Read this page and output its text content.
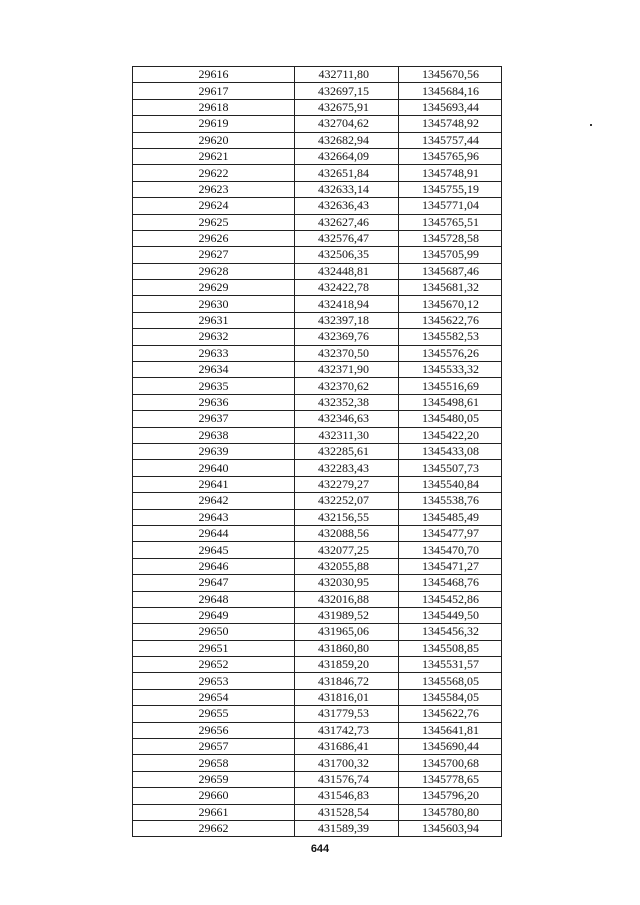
29616	432711,80	1345670,56
29617	432697,15	1345684,16
29618	432675,91	1345693,44
29619	432704,62	1345748,92
29620	432682,94	1345757,44
29621	432664,09	1345765,96
29622	432651,84	1345748,91
29623	432633,14	1345755,19
29624	432636,43	1345771,04
29625	432627,46	1345765,51
29626	432576,47	1345728,58
29627	432506,35	1345705,99
29628	432448,81	1345687,46
29629	432422,78	1345681,32
29630	432418,94	1345670,12
29631	432397,18	1345622,76
29632	432369,76	1345582,53
29633	432370,50	1345576,26
29634	432371,90	1345533,32
29635	432370,62	1345516,69
29636	432352,38	1345498,61
29637	432346,63	1345480,05
29638	432311,30	1345422,20
29639	432285,61	1345433,08
29640	432283,43	1345507,73
29641	432279,27	1345540,84
29642	432252,07	1345538,76
29643	432156,55	1345485,49
29644	432088,56	1345477,97
29645	432077,25	1345470,70
29646	432055,88	1345471,27
29647	432030,95	1345468,76
29648	432016,88	1345452,86
29649	431989,52	1345449,50
29650	431965,06	1345456,32
29651	431860,80	1345508,85
29652	431859,20	1345531,57
29653	431846,72	1345568,05
29654	431816,01	1345584,05
29655	431779,53	1345622,76
29656	431742,73	1345641,81
29657	431686,41	1345690,44
29658	431700,32	1345700,68
29659	431576,74	1345778,65
29660	431546,83	1345796,20
29661	431528,54	1345780,80
29662	431589,39	1345603,94
644
